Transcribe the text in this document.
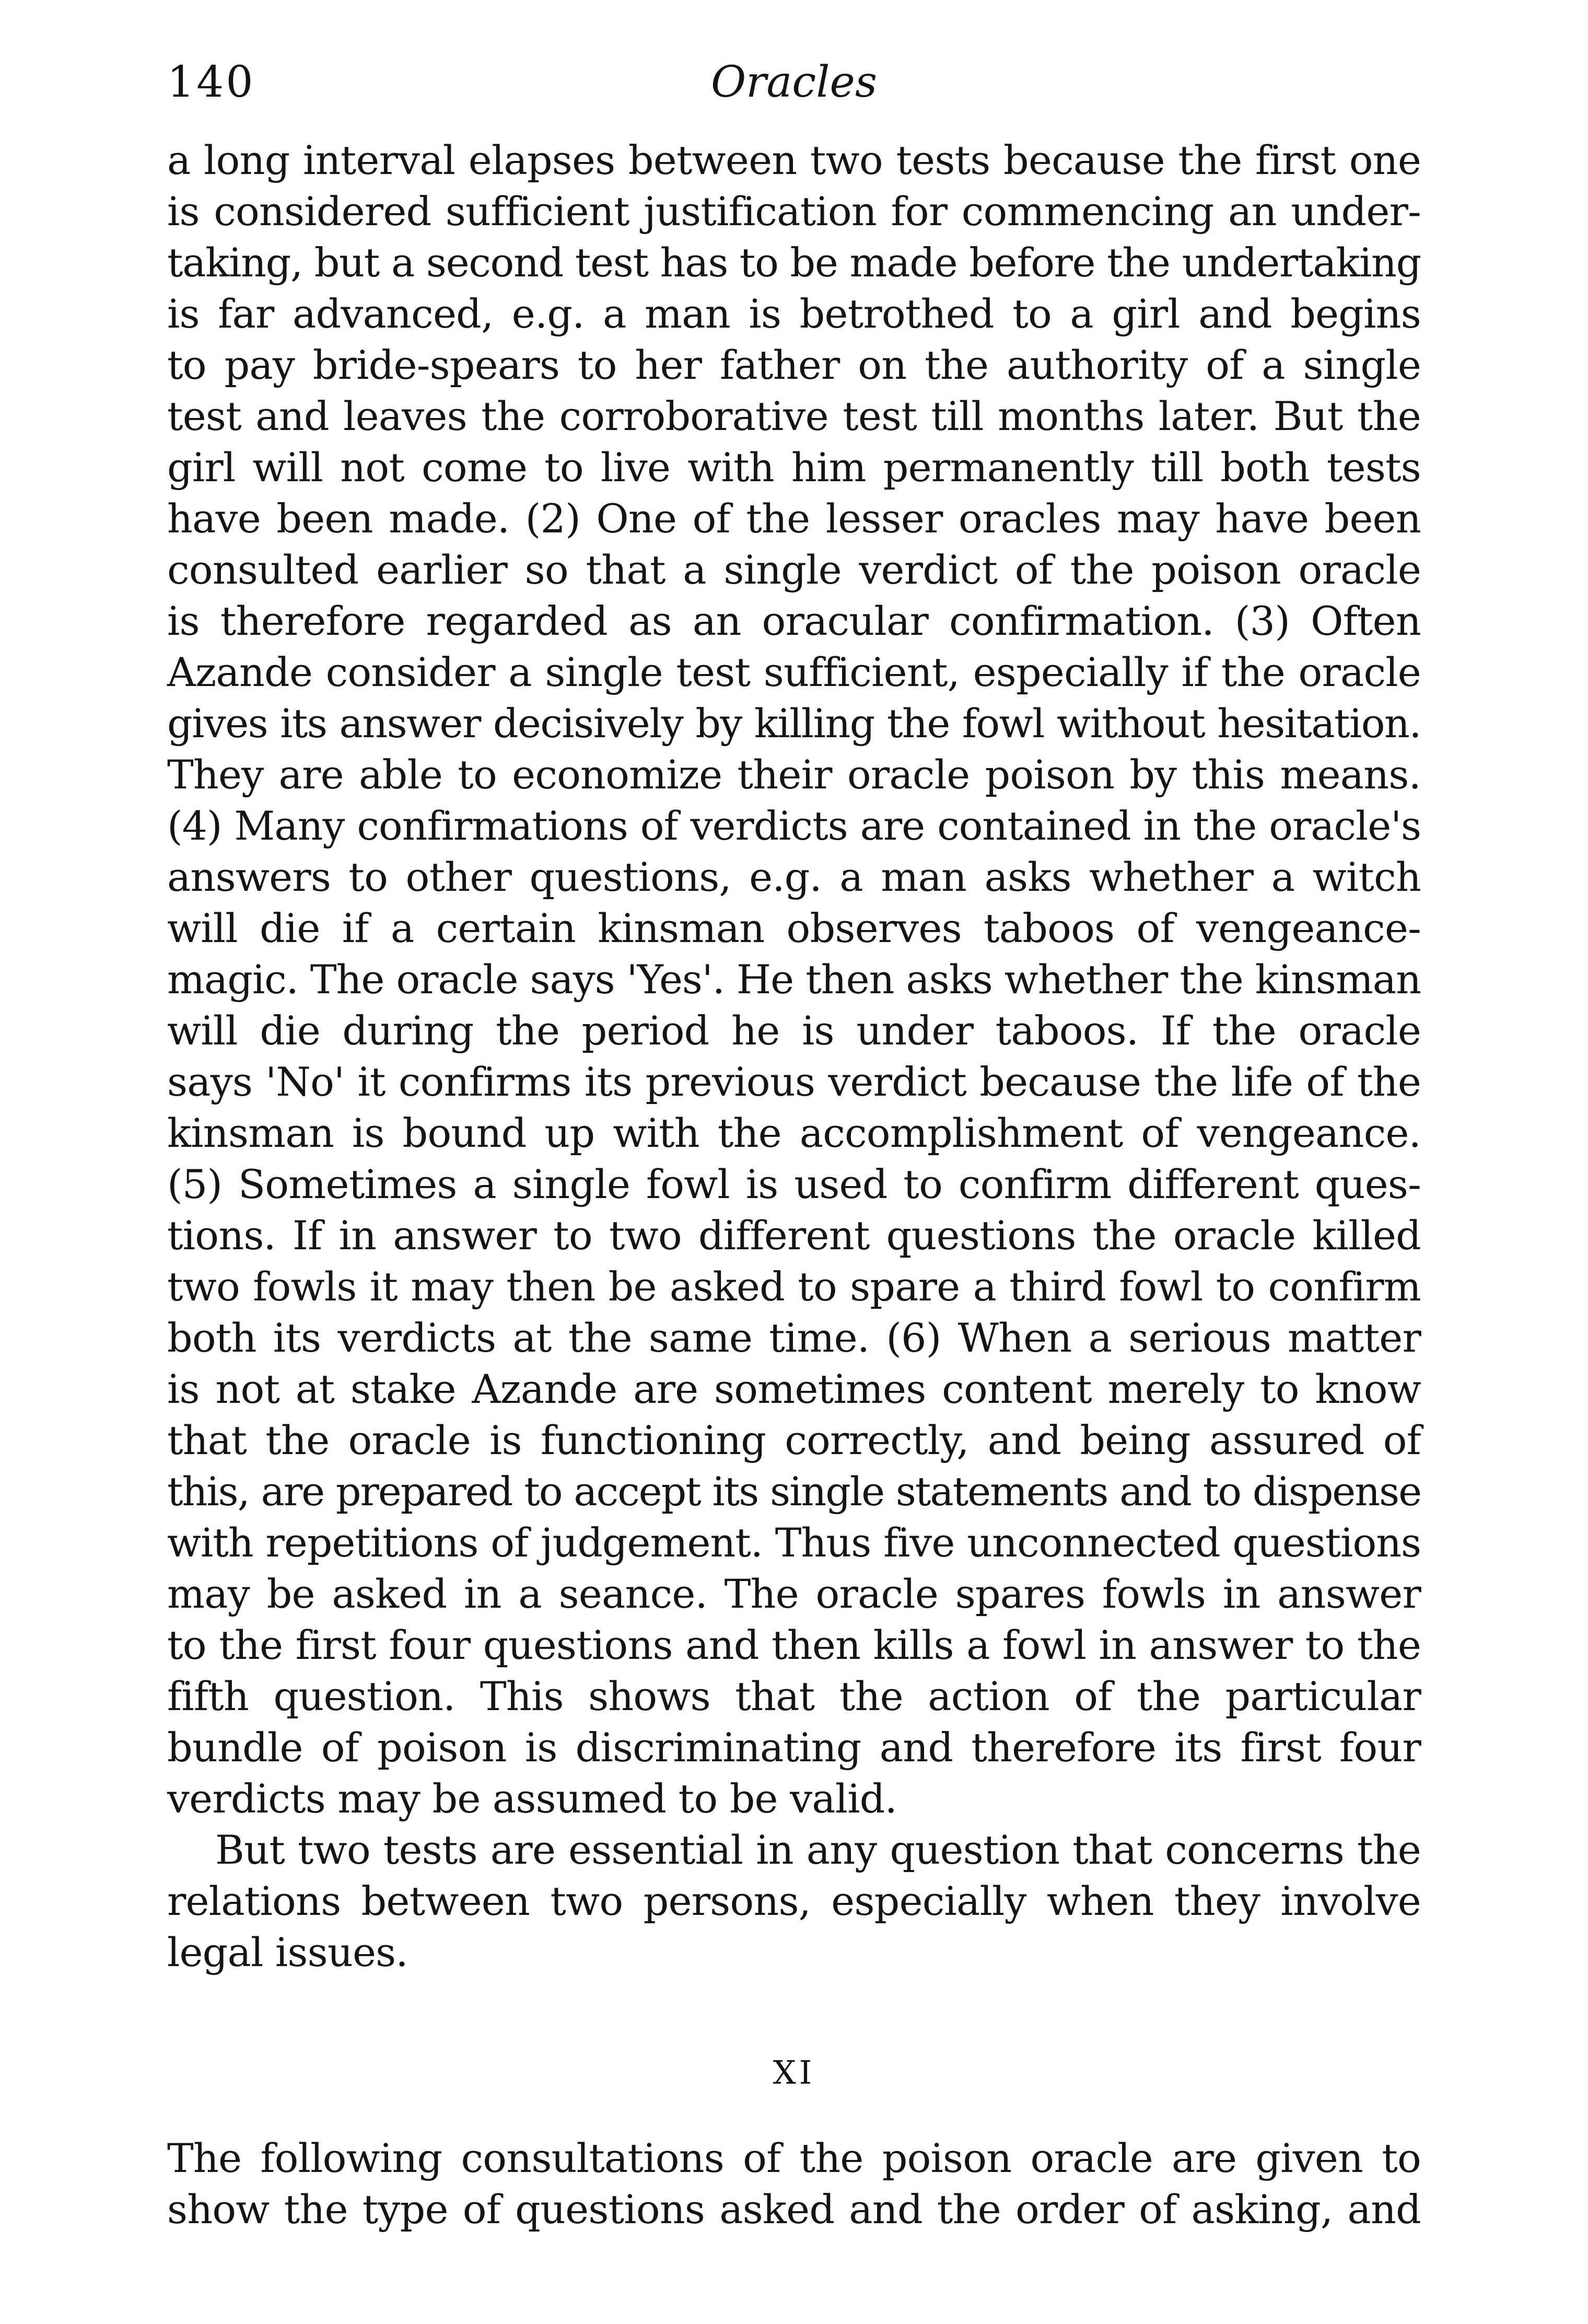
140	Oracles
a long interval elapses between two tests because the first one
is considered sufficient justification for commencing an under-
taking, but a second test has to be made before the undertaking
is far advanced, e.g. a man is betrothed to a girl and begins
to pay bride-spears to her father on the authority of a single
test and leaves the corroborative test till months later. But the
girl will not come to live with him permanently till both tests
have been made. (2) One of the lesser oracles may have been
consulted earlier so that a single verdict of the poison oracle
is therefore regarded as an oracular confirmation. (3) Often
Azande consider a single test sufficient, especially if the oracle
gives its answer decisively by killing the fowl without hesitation.
They are able to economize their oracle poison by this means.
(4) Many confirmations of verdicts are contained in the oracle's
answers to other questions, e.g. a man asks whether a witch
will die if a certain kinsman observes taboos of vengeance-
magic. The oracle says 'Yes'. He then asks whether the kinsman
will die during the period he is under taboos. If the oracle
says 'No' it confirms its previous verdict because the life of the
kinsman is bound up with the accomplishment of vengeance.
(5) Sometimes a single fowl is used to confirm different ques-
tions. If in answer to two different questions the oracle killed
two fowls it may then be asked to spare a third fowl to confirm
both its verdicts at the same time. (6) When a serious matter
is not at stake Azande are sometimes content merely to know
that the oracle is functioning correctly, and being assured of
this, are prepared to accept its single statements and to dispense
with repetitions of judgement. Thus five unconnected questions
may be asked in a seance. The oracle spares fowls in answer
to the first four questions and then kills a fowl in answer to the
fifth question. This shows that the action of the particular
bundle of poison is discriminating and therefore its first four
verdicts may be assumed to be valid.
But two tests are essential in any question that concerns the
relations between two persons, especially when they involve
legal issues.
XI
The following consultations of the poison oracle are given to
show the type of questions asked and the order of asking, and
